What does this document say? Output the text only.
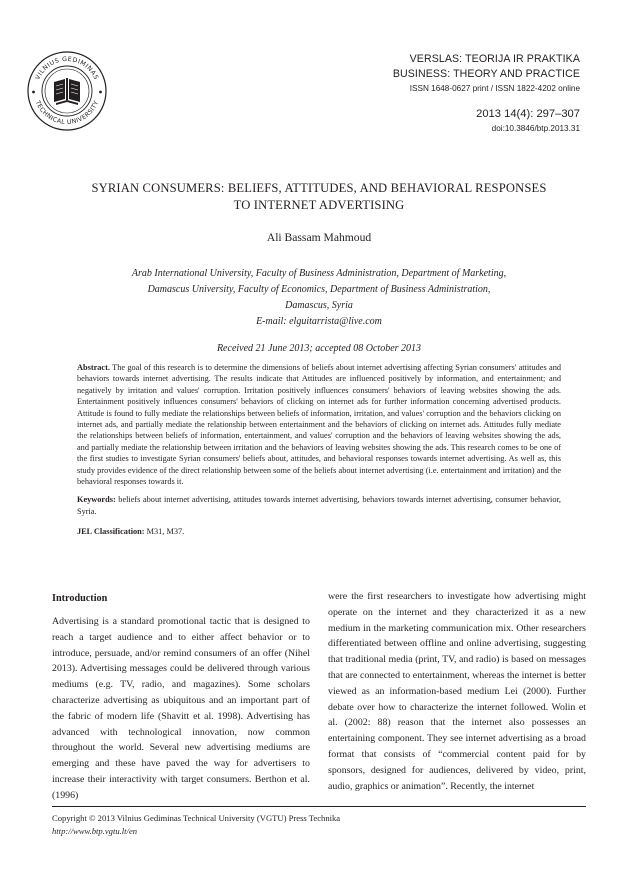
VILNIUS GEDIMINAS
TECHNICAL UNIVERSITY
VERSLAS: TEORIJA IR PRAKTIKA
BUSINESS: THEORY AND PRACTICE
ISSN 1648-0627 print / ISSN 1822-4202 online
2013 14(4): 297–307
doi:10.3846/btp.2013.31
SYRIAN CONSUMERS: BELIEFS, ATTITUDES, AND BEHAVIORAL RESPONSES
TO INTERNET ADVERTISING
Ali Bassam Mahmoud
Arab International University, Faculty of Business Administration, Department of Marketing,
Damascus University, Faculty of Economics, Department of Business Administration,
Damascus, Syria
E-mail: elguitarrista@live.com
Received 21 June 2013; accepted 08 October 2013

Abstract. The goal of this research is to determine the dimensions of beliefs about internet advertising affecting Syrian consumers' attitudes and behaviors towards internet advertising. The results indicate that Attitudes are influenced positively by information, and entertainment; and negatively by irritation and values' corruption. Irritation positively influences consumers' behaviors of leaving websites showing the ads. Entertainment positively influences consumers' behaviors of clicking on internet ads for further information concerning advertised products. Attitude is found to fully mediate the relationships between beliefs of information, irritation, and values' corruption and the behaviors clicking on internet ads, and partially mediate the relationship between entertainment and the behaviors of clicking on internet ads. Attitudes fully mediate the relationships between beliefs of information, entertainment, and values' corruption and the behaviors of leaving websites showing the ads, and partially mediate the relationship between irritation and the behaviors of leaving websites showing the ads. This research comes to be one of the first studies to investigate Syrian consumers' beliefs about, attitudes, and behavioral responses towards internet advertising. As well as, this study provides evidence of the direct relationship between some of the beliefs about internet advertising (i.e. entertainment and irritation) and the behavioral responses towards it.

Keywords: beliefs about internet advertising, attitudes towards internet advertising, behaviors towards internet advertising, consumer behavior, Syria.

JEL Classification: M31, M37.

Introduction

Advertising is a standard promotional tactic that is designed to reach a target audience and to either affect behavior or to introduce, persuade, and/or remind consumers of an offer (Nihel 2013). Advertising messages could be delivered through various mediums (e.g. TV, radio, and magazines). Some scholars characterize advertising as ubiquitous and an important part of the fabric of modern life (Shavitt et al. 1998). Advertising has advanced with technological innovation, now common throughout the world. Several new advertising mediums are emerging and these have paved the way for advertisers to increase their interactivity with target consumers. Berthon et al. (1996)

were the first researchers to investigate how advertising might operate on the internet and they characterized it as a new medium in the marketing communication mix. Other researchers differentiated between offline and online advertising, suggesting that traditional media (print, TV, and radio) is based on messages that are connected to entertainment, whereas the internet is better viewed as an information-based medium Lei (2000). Further debate over how to characterize the internet followed. Wolin et al. (2002: 88) reason that the internet also possesses an entertaining component. They see internet advertising as a broad format that consists of “commercial content paid for by sponsors, designed for audiences, delivered by video, print, audio, graphics or animation”. Recently, the internet

Copyright © 2013 Vilnius Gediminas Technical University (VGTU) Press Technika
http://www.btp.vgtu.lt/en
